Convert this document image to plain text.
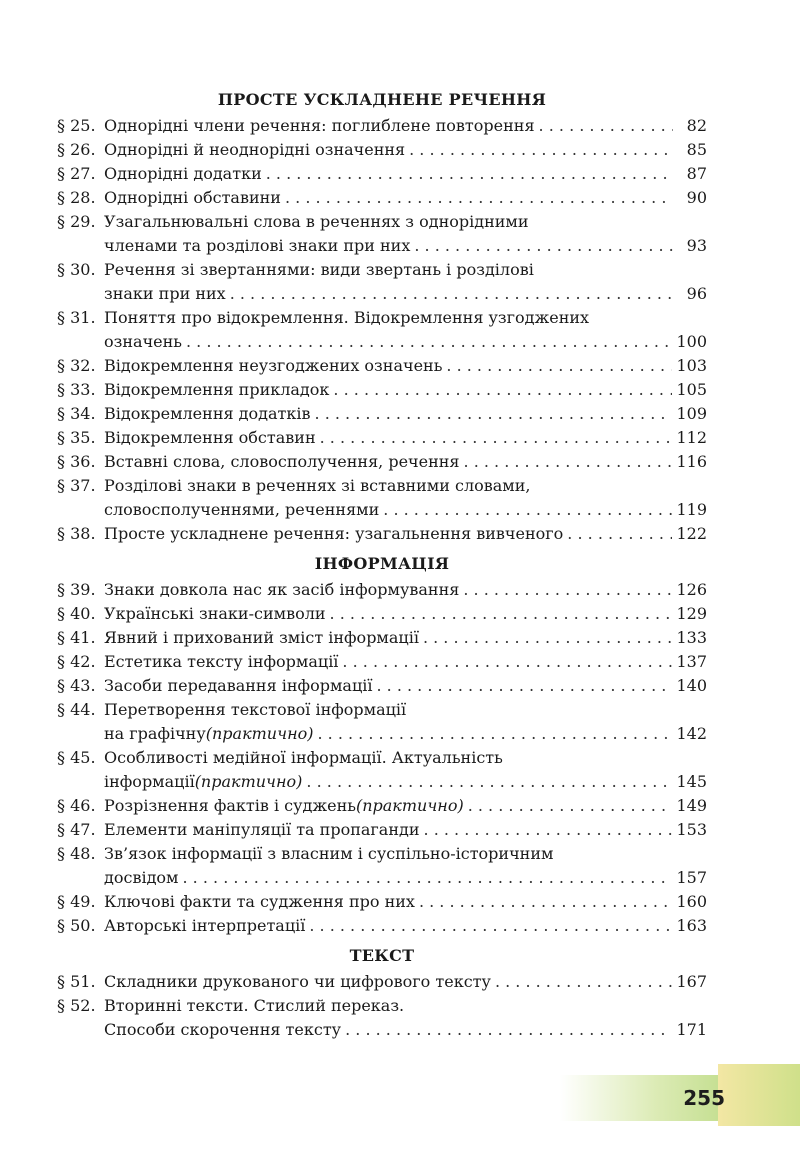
ПРОСТЕ УСКЛАДНЕНЕ РЕЧЕННЯ
§ 25. Однорідні члени речення: поглиблене повторення . . .	82
§ 26. Однорідні й неоднорідні означення . . .	85
§ 27. Однорідні додатки . . .	87
§ 28. Однорідні обставини . . .	90
§ 29. Узагальнювальні слова в реченнях з однорідними
членами та розділові знаки при них . . .	93
§ 30. Речення зі звертаннями: види звертань і розділові
знаки при них . . .	96
§ 31. Поняття про відокремлення. Відокремлення узгоджених
означень . . .	100
§ 32. Відокремлення неузгоджених означень . . .	103
§ 33. Відокремлення прикладок . . .	105
§ 34. Відокремлення додатків . . .	109
§ 35. Відокремлення обставин . . .	112
§ 36. Вставні слова, словосполучення, речення . . .	116
§ 37. Розділові знаки в реченнях зі вставними словами,
словосполученнями, реченнями . . .	119
§ 38. Просте ускладнене речення: узагальнення вивченого . . .	122
ІНФОРМАЦІЯ
§ 39. Знаки довкола нас як засіб інформування . . .	126
§ 40. Українські знаки-символи . . .	129
§ 41. Явний і прихований зміст інформації . . .	133
§ 42. Естетика тексту інформації . . .	137
§ 43. Засоби передавання інформації . . .	140
§ 44. Перетворення текстової інформації
на графічну (практично) . . .	142
§ 45. Особливості медійної інформації. Актуальність
інформації (практично) . . .	145
§ 46. Розрізнення фактів і суджень (практично) . . .	149
§ 47. Елементи маніпуляції та пропаганди . . .	153
§ 48. Зв’язок інформації з власним і суспільно-історичним
досвідом . . .	157
§ 49. Ключові факти та судження про них . . .	160
§ 50. Авторські інтерпретації . . .	163
ТЕКСТ
§ 51. Складники друкованого чи цифрового тексту . . .	167
§ 52. Вторинні тексти. Стислий переказ.
Способи скорочення тексту . . .	171
255
